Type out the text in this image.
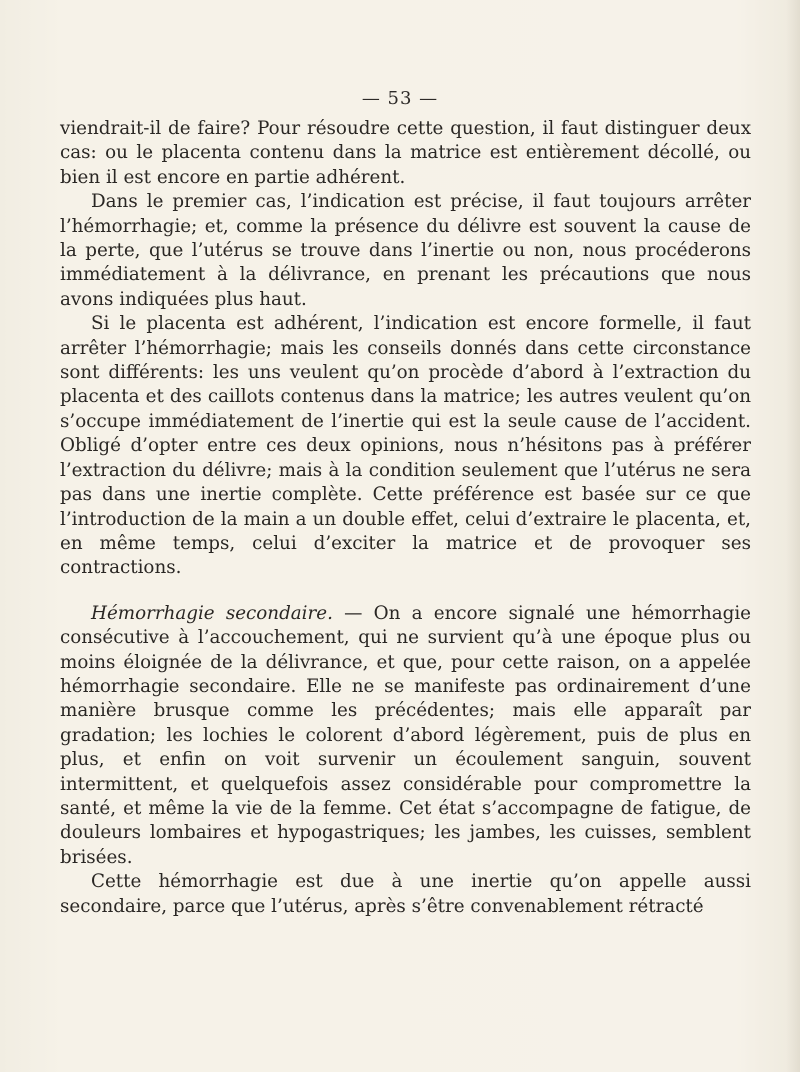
— 53 —

viendrait-il de faire? Pour résoudre cette question, il faut distinguer deux cas: ou le placenta contenu dans la matrice est entièrement décollé, ou bien il est encore en partie adhérent.

Dans le premier cas, l’indication est précise, il faut toujours arrêter l’hémorrhagie; et, comme la présence du délivre est souvent la cause de la perte, que l’utérus se trouve dans l’inertie ou non, nous procéderons immédiatement à la délivrance, en prenant les précautions que nous avons indiquées plus haut.

Si le placenta est adhérent, l’indication est encore formelle, il faut arrêter l’hémorrhagie; mais les conseils donnés dans cette circonstance sont différents: les uns veulent qu’on procède d’abord à l’extraction du placenta et des caillots contenus dans la matrice; les autres veulent qu’on s’occupe immédiatement de l’inertie qui est la seule cause de l’accident. Obligé d’opter entre ces deux opinions, nous n’hésitons pas à préférer l’extraction du délivre; mais à la condition seulement que l’utérus ne sera pas dans une inertie complète. Cette préférence est basée sur ce que l’introduction de la main a un double effet, celui d’extraire le placenta, et, en même temps, celui d’exciter la matrice et de provoquer ses contractions.

Hémorrhagie secondaire. — On a encore signalé une hémorrhagie consécutive à l’accouchement, qui ne survient qu’à une époque plus ou moins éloignée de la délivrance, et que, pour cette raison, on a appelée hémorrhagie secondaire. Elle ne se manifeste pas ordinairement d’une manière brusque comme les précédentes; mais elle apparaît par gradation; les lochies le colorent d’abord légèrement, puis de plus en plus, et enfin on voit survenir un écoulement sanguin, souvent intermittent, et quelquefois assez considérable pour compromettre la santé, et même la vie de la femme. Cet état s’accompagne de fatigue, de douleurs lombaires et hypogastriques; les jambes, les cuisses, semblent brisées.

Cette hémorrhagie est due à une inertie qu’on appelle aussi secondaire, parce que l’utérus, après s’être convenablement rétracté
